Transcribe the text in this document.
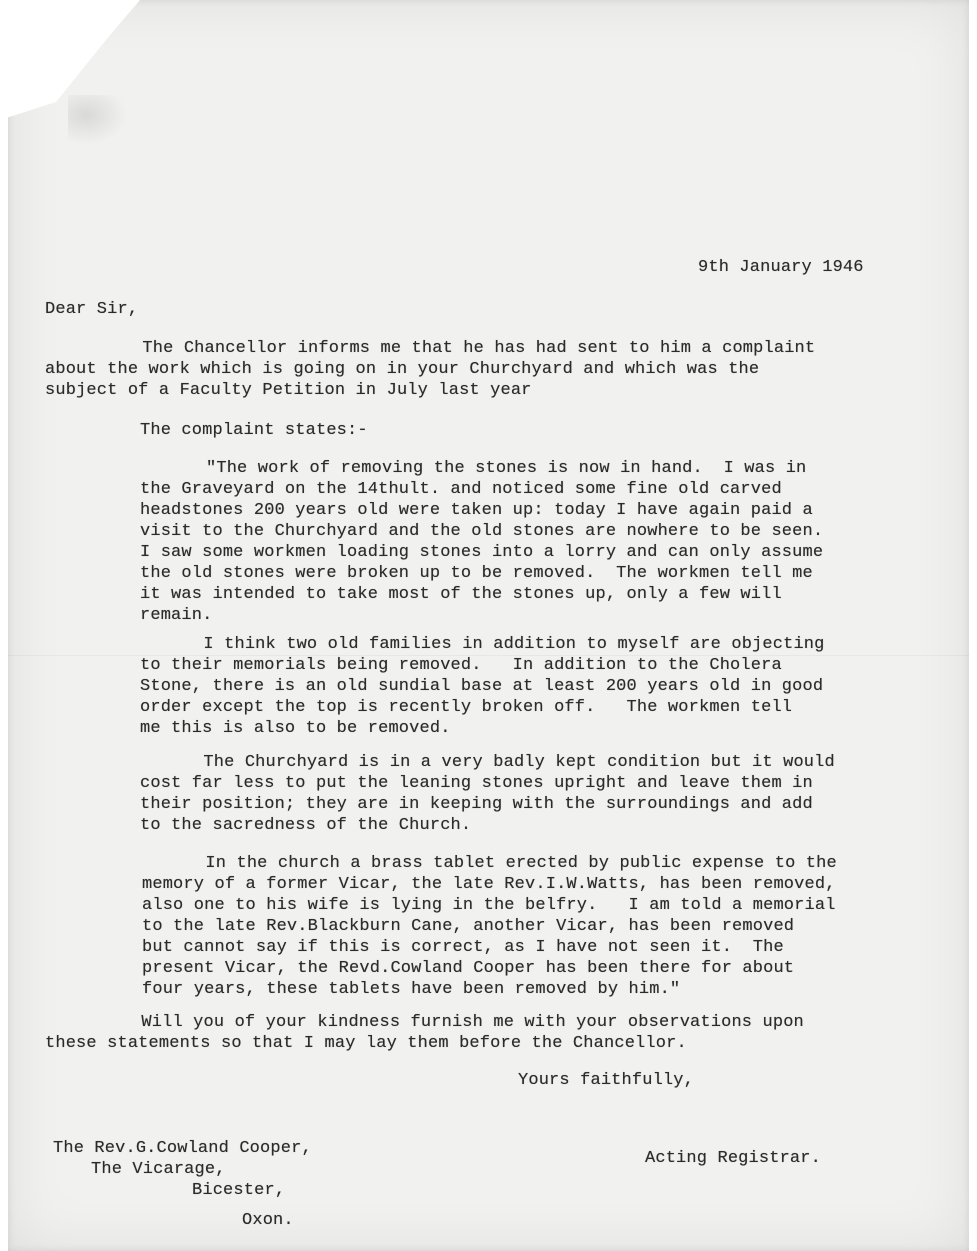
9th January 1946

Dear Sir,

The Chancellor informs me that he has had sent to him a complaint

about the work which is going on in your Churchyard and which was the

subject of a Faculty Petition in July last year

The complaint states:-

"The work of removing the stones is now in hand.  I was in

the Graveyard on the 14thult. and noticed some fine old carved

headstones 200 years old were taken up: today I have again paid a

visit to the Churchyard and the old stones are nowhere to be seen.

I saw some workmen loading stones into a lorry and can only assume

the old stones were broken up to be removed.  The workmen tell me

it was intended to take most of the stones up, only a few will

remain.

I think two old families in addition to myself are objecting

to their memorials being removed.   In addition to the Cholera

Stone, there is an old sundial base at least 200 years old in good

order except the top is recently broken off.   The workmen tell

me this is also to be removed.

The Churchyard is in a very badly kept condition but it would

cost far less to put the leaning stones upright and leave them in

their position; they are in keeping with the surroundings and add

to the sacredness of the Church.

In the church a brass tablet erected by public expense to the

memory of a former Vicar, the late Rev.I.W.Watts, has been removed,

also one to his wife is lying in the belfry.   I am told a memorial

to the late Rev.Blackburn Cane, another Vicar, has been removed

but cannot say if this is correct, as I have not seen it.  The

present Vicar, the Revd.Cowland Cooper has been there for about

four years, these tablets have been removed by him."

Will you of your kindness furnish me with your observations upon

these statements so that I may lay them before the Chancellor.

Yours faithfully,

Acting Registrar.

The Rev.G.Cowland Cooper,

The Vicarage,

Bicester,

Oxon.
